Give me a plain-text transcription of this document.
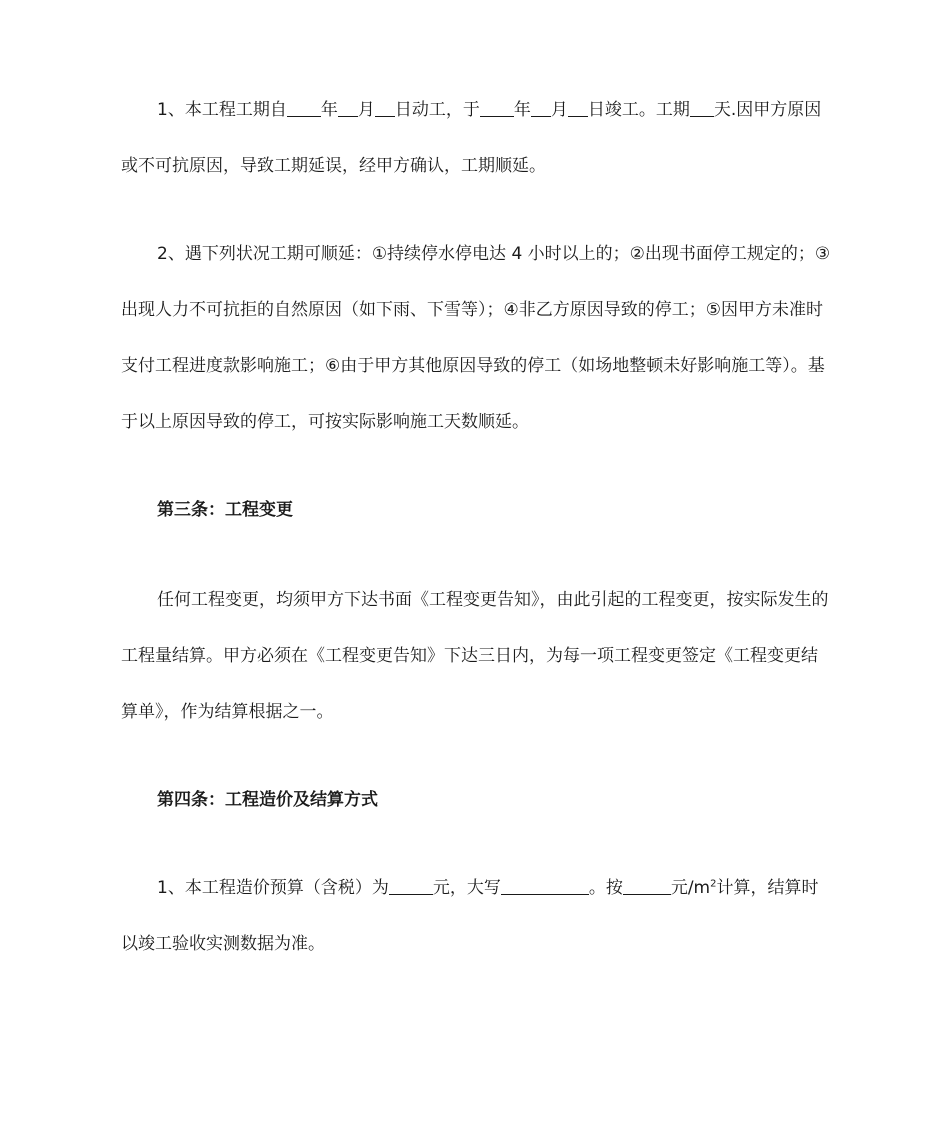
1、本工程工期自 年 月 日动工，于 年 月 日竣工。工期 天.因甲方原因或不可抗原因，导致工期延误，经甲方确认，工期顺延。

2、遇下列状况工期可顺延：①持续停水停电达 4 小时以上的；②出现书面停工规定的；③出现人力不可抗拒的自然原因（如下雨、下雪等）；④非乙方原因导致的停工；⑤因甲方未准时支付工程进度款影响施工；⑥由于甲方其他原因导致的停工（如场地整顿未好影响施工等）。基于以上原因导致的停工，可按实际影响施工天数顺延。

第三条：工程变更

任何工程变更，均须甲方下达书面《工程变更告知》，由此引起的工程变更，按实际发生的工程量结算。甲方必须在《工程变更告知》下达三日内，为每一项工程变更签定《工程变更结算单》，作为结算根据之一。

第四条：工程造价及结算方式

1、本工程造价预算（含税）为	元，大写	。按	元$/m^2$计算，结算时以竣工验收实测数据为准。
